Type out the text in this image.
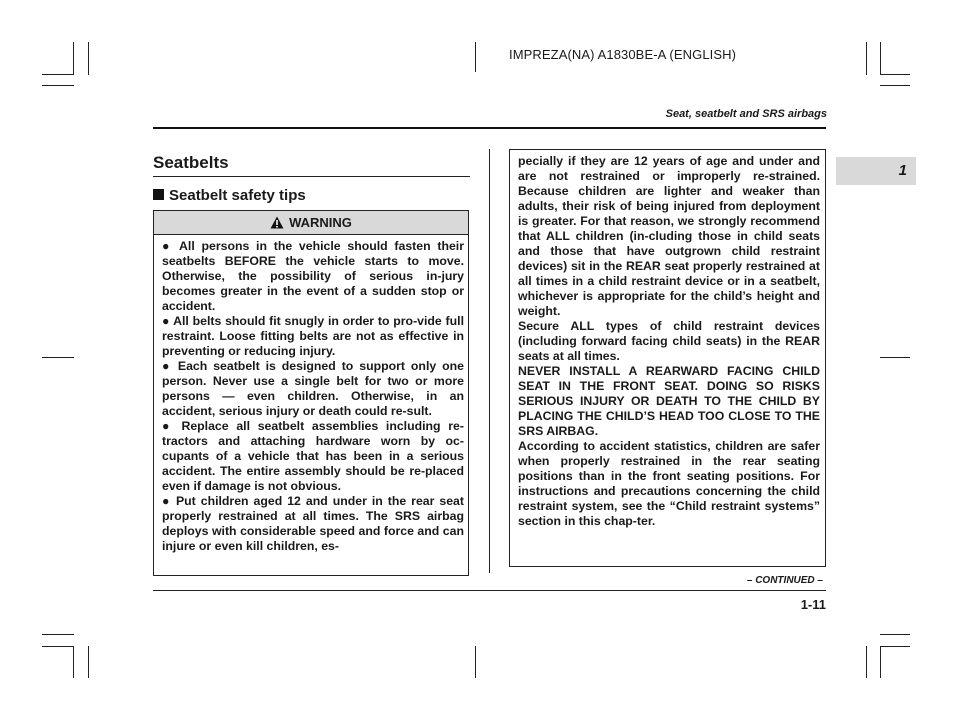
IMPREZA(NA) A1830BE-A (ENGLISH)
Seat, seatbelt and SRS airbags
1
Seatbelts
Seatbelt safety tips
WARNING

● All persons in the vehicle should fasten their seatbelts BEFORE the vehicle starts to move. Otherwise, the possibility of serious in-jury becomes greater in the event of a sudden stop or accident.

● All belts should fit snugly in order to pro-vide full restraint. Loose fitting belts are not as effective in preventing or reducing injury.

● Each seatbelt is designed to support only one person. Never use a single belt for two or more persons — even children. Otherwise, in an accident, serious injury or death could re-sult.

● Replace all seatbelt assemblies including re-tractors and attaching hardware worn by oc-cupants of a vehicle that has been in a serious accident. The entire assembly should be re-placed even if damage is not obvious.

● Put children aged 12 and under in the rear seat properly restrained at all times. The SRS airbag deploys with considerable speed and force and can injure or even kill children, es-

pecially if they are 12 years of age and under and are not restrained or improperly re-strained. Because children are lighter and weaker than adults, their risk of being injured from deployment is greater. For that reason, we strongly recommend that ALL children (in-cluding those in child seats and those that have outgrown child restraint devices) sit in the REAR seat properly restrained at all times in a child restraint device or in a seatbelt, whichever is appropriate for the child’s height and weight.

Secure ALL types of child restraint devices (including forward facing child seats) in the REAR seats at all times.

NEVER INSTALL A REARWARD FACING CHILD SEAT IN THE FRONT SEAT. DOING SO RISKS SERIOUS INJURY OR DEATH TO THE CHILD BY PLACING THE CHILD’S HEAD TOO CLOSE TO THE SRS AIRBAG.

According to accident statistics, children are safer when properly restrained in the rear seating positions than in the front seating positions. For instructions and precautions concerning the child restraint system, see the “Child restraint systems” section in this chap-ter.

– CONTINUED –
1-11
